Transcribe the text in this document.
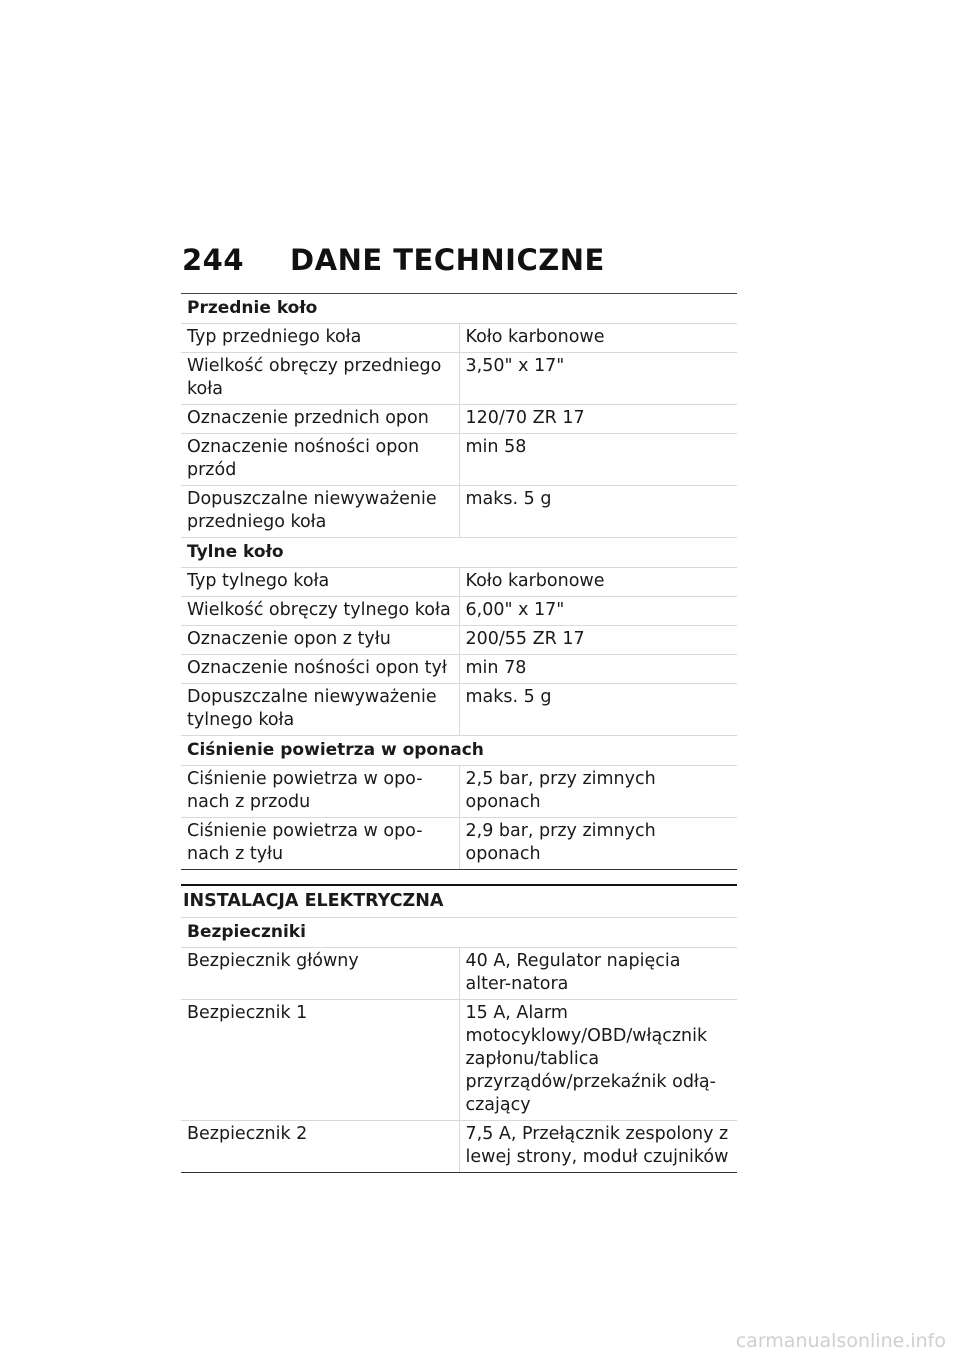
244 DANE TECHNICZNE
Przednie koło	
Typ przedniego koła	Koło karbonowe
Wielkość obręczy przedniego koła	3,50" x 17"
Oznaczenie przednich opon	120/70 ZR 17
Oznaczenie nośności opon przód	min 58
Dopuszczalne niewyważenie przedniego koła	maks. 5 g
Tylne koło	
Typ tylnego koła	Koło karbonowe
Wielkość obręczy tylnego koła	6,00" x 17"
Oznaczenie opon z tyłu	200/55 ZR 17
Oznaczenie nośności opon tył	min 78
Dopuszczalne niewyważenie tylnego koła	maks. 5 g
Ciśnienie powietrza w oponach	
Ciśnienie powietrza w opo-nach z przodu	2,5 bar, przy zimnych oponach
Ciśnienie powietrza w opo-nach z tyłu	2,9 bar, przy zimnych oponach
INSTALACJA ELEKTRYCZNA
Bezpieczniki	
Bezpiecznik główny	40 A, Regulator napięcia alter-natora
Bezpiecznik 1	15 A, Alarm motocyklowy/OBD/włącznik zapłonu/tablica przyrządów/przekaźnik odłą-czający
Bezpiecznik 2	7,5 A, Przełącznik zespolony z lewej strony, moduł czujników
carmanualsonline.info
